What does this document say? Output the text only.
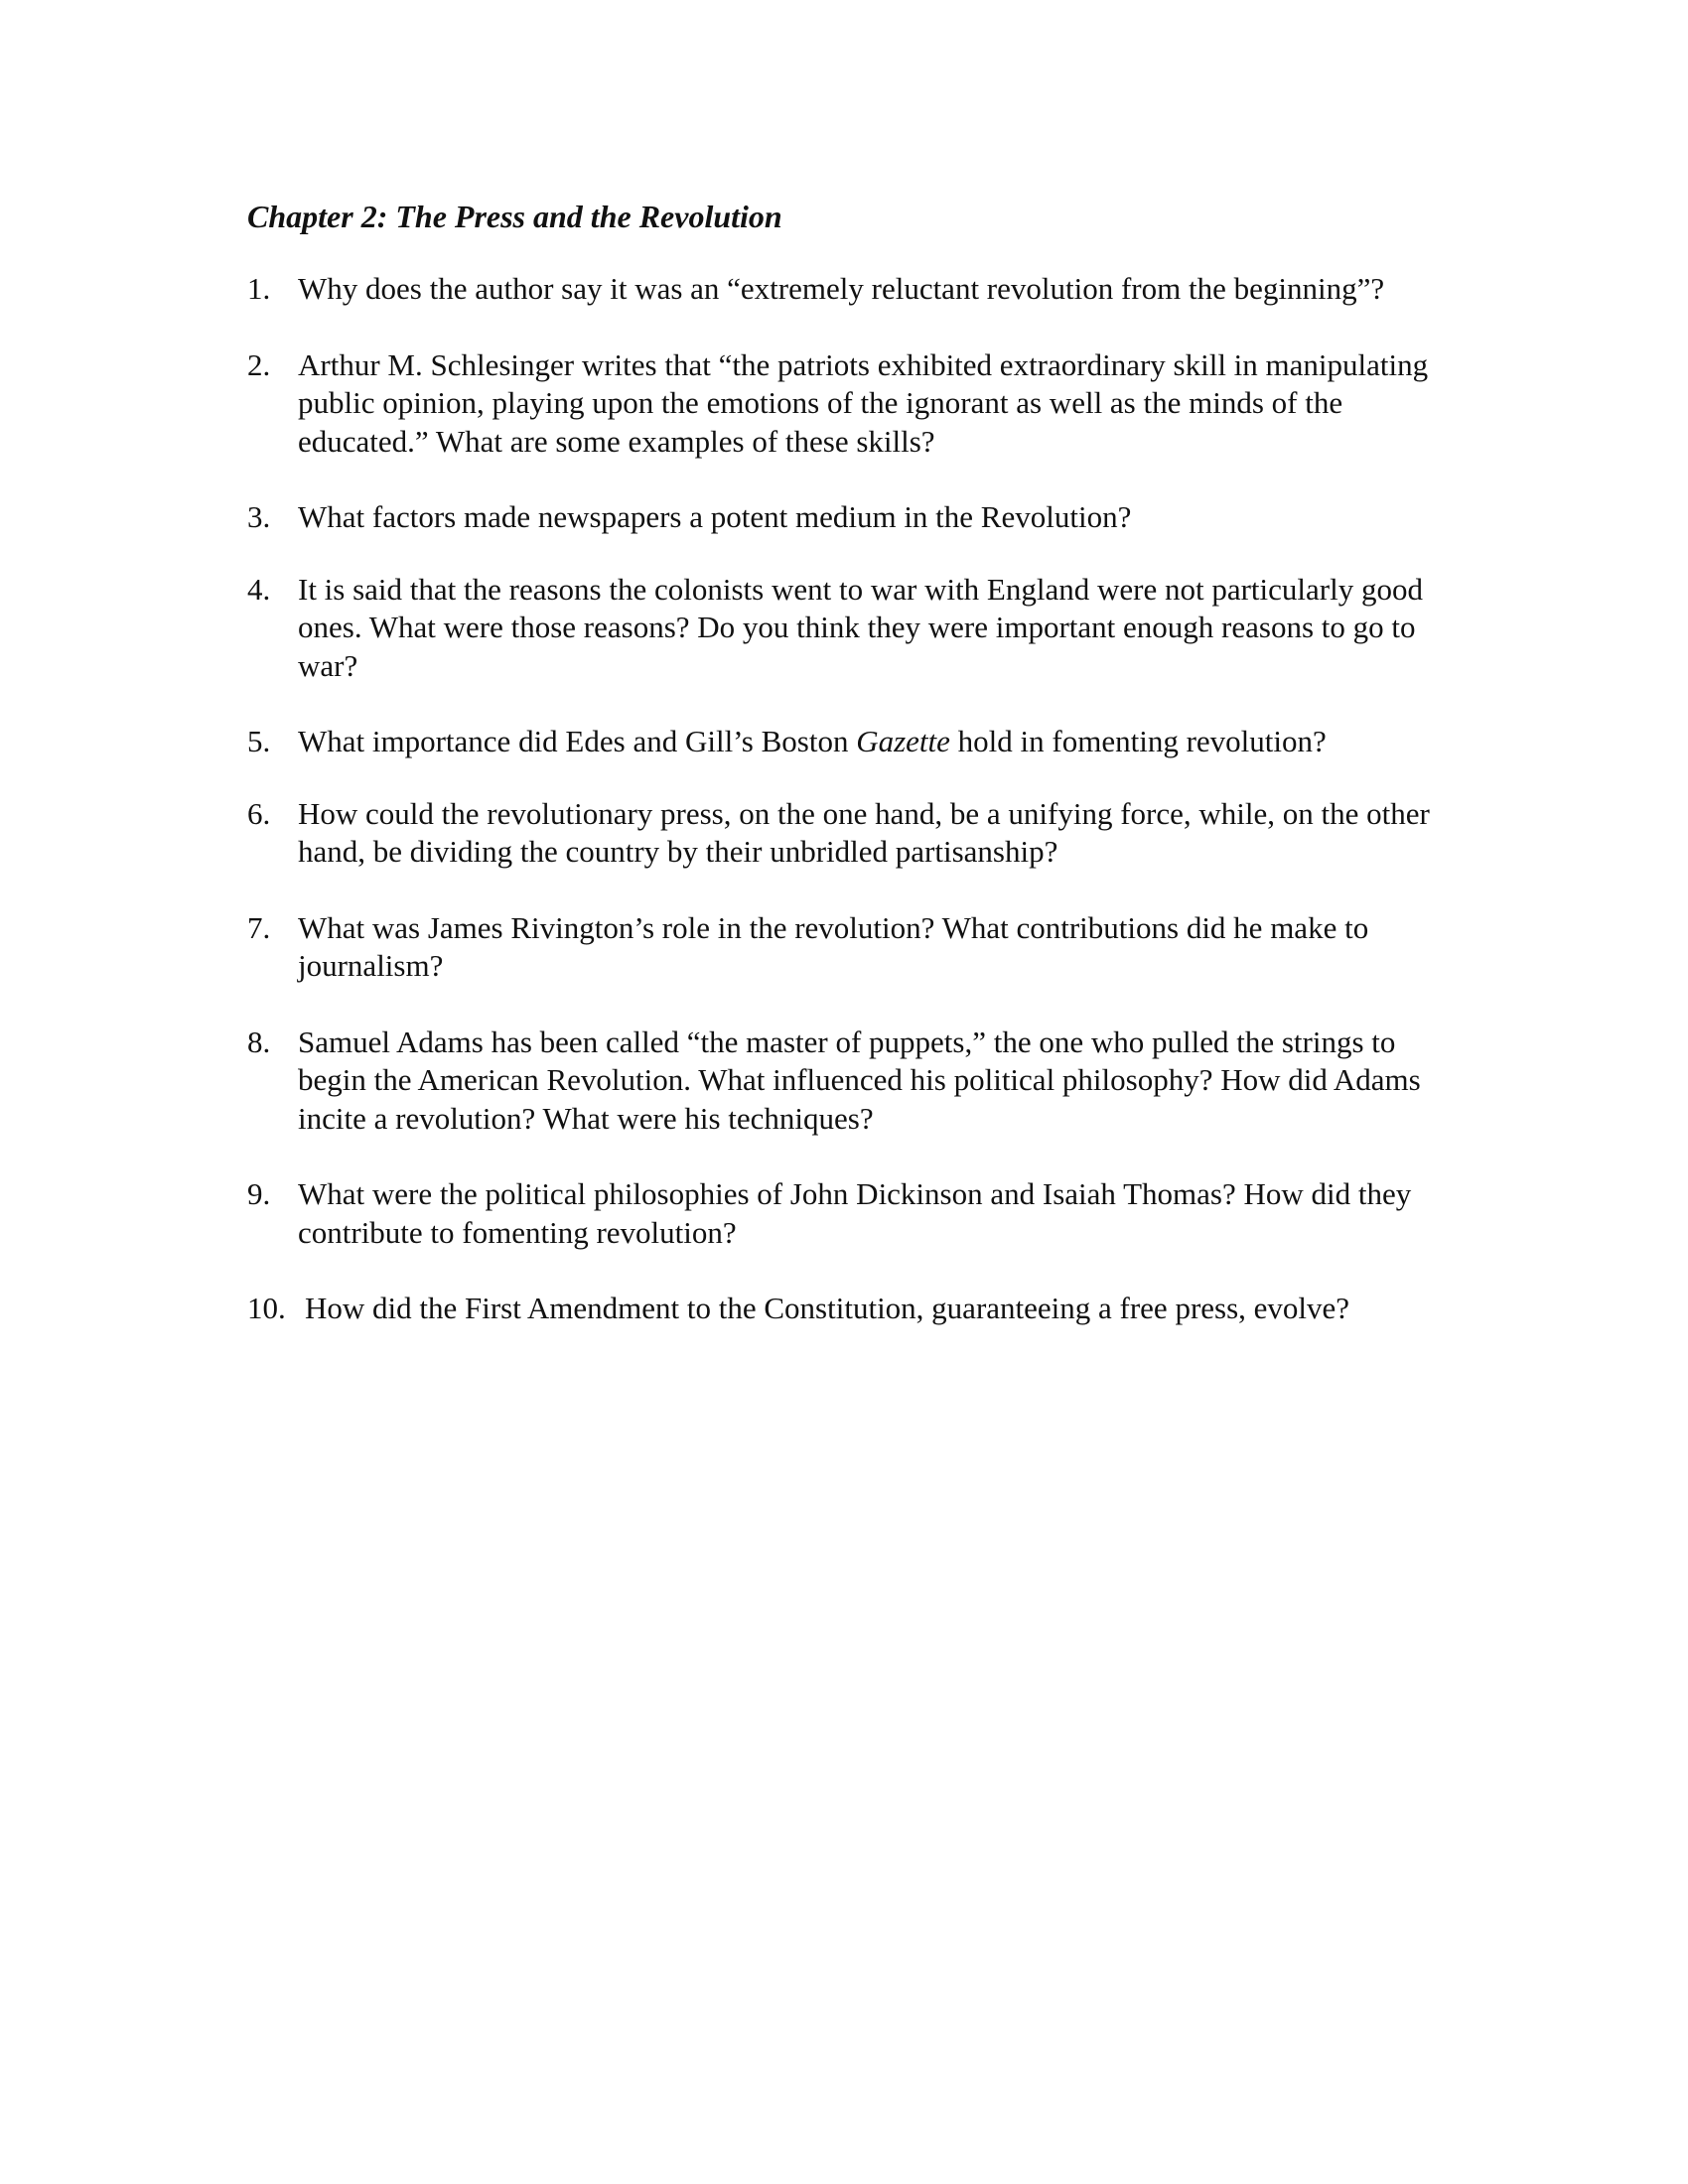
Chapter 2: The Press and the Revolution
1. Why does the author say it was an “extremely reluctant revolution from the beginning”?
2. Arthur M. Schlesinger writes that “the patriots exhibited extraordinary skill in manipulating public opinion, playing upon the emotions of the ignorant as well as the minds of the educated.” What are some examples of these skills?
3. What factors made newspapers a potent medium in the Revolution?
4. It is said that the reasons the colonists went to war with England were not particularly good ones. What were those reasons? Do you think they were important enough reasons to go to war?
5. What importance did Edes and Gill’s Boston Gazette hold in fomenting revolution?
6. How could the revolutionary press, on the one hand, be a unifying force, while, on the other hand, be dividing the country by their unbridled partisanship?
7. What was James Rivington’s role in the revolution? What contributions did he make to journalism?
8. Samuel Adams has been called “the master of puppets,” the one who pulled the strings to begin the American Revolution. What influenced his political philosophy? How did Adams incite a revolution? What were his techniques?
9. What were the political philosophies of John Dickinson and Isaiah Thomas? How did they contribute to fomenting revolution?
10. How did the First Amendment to the Constitution, guaranteeing a free press, evolve?
